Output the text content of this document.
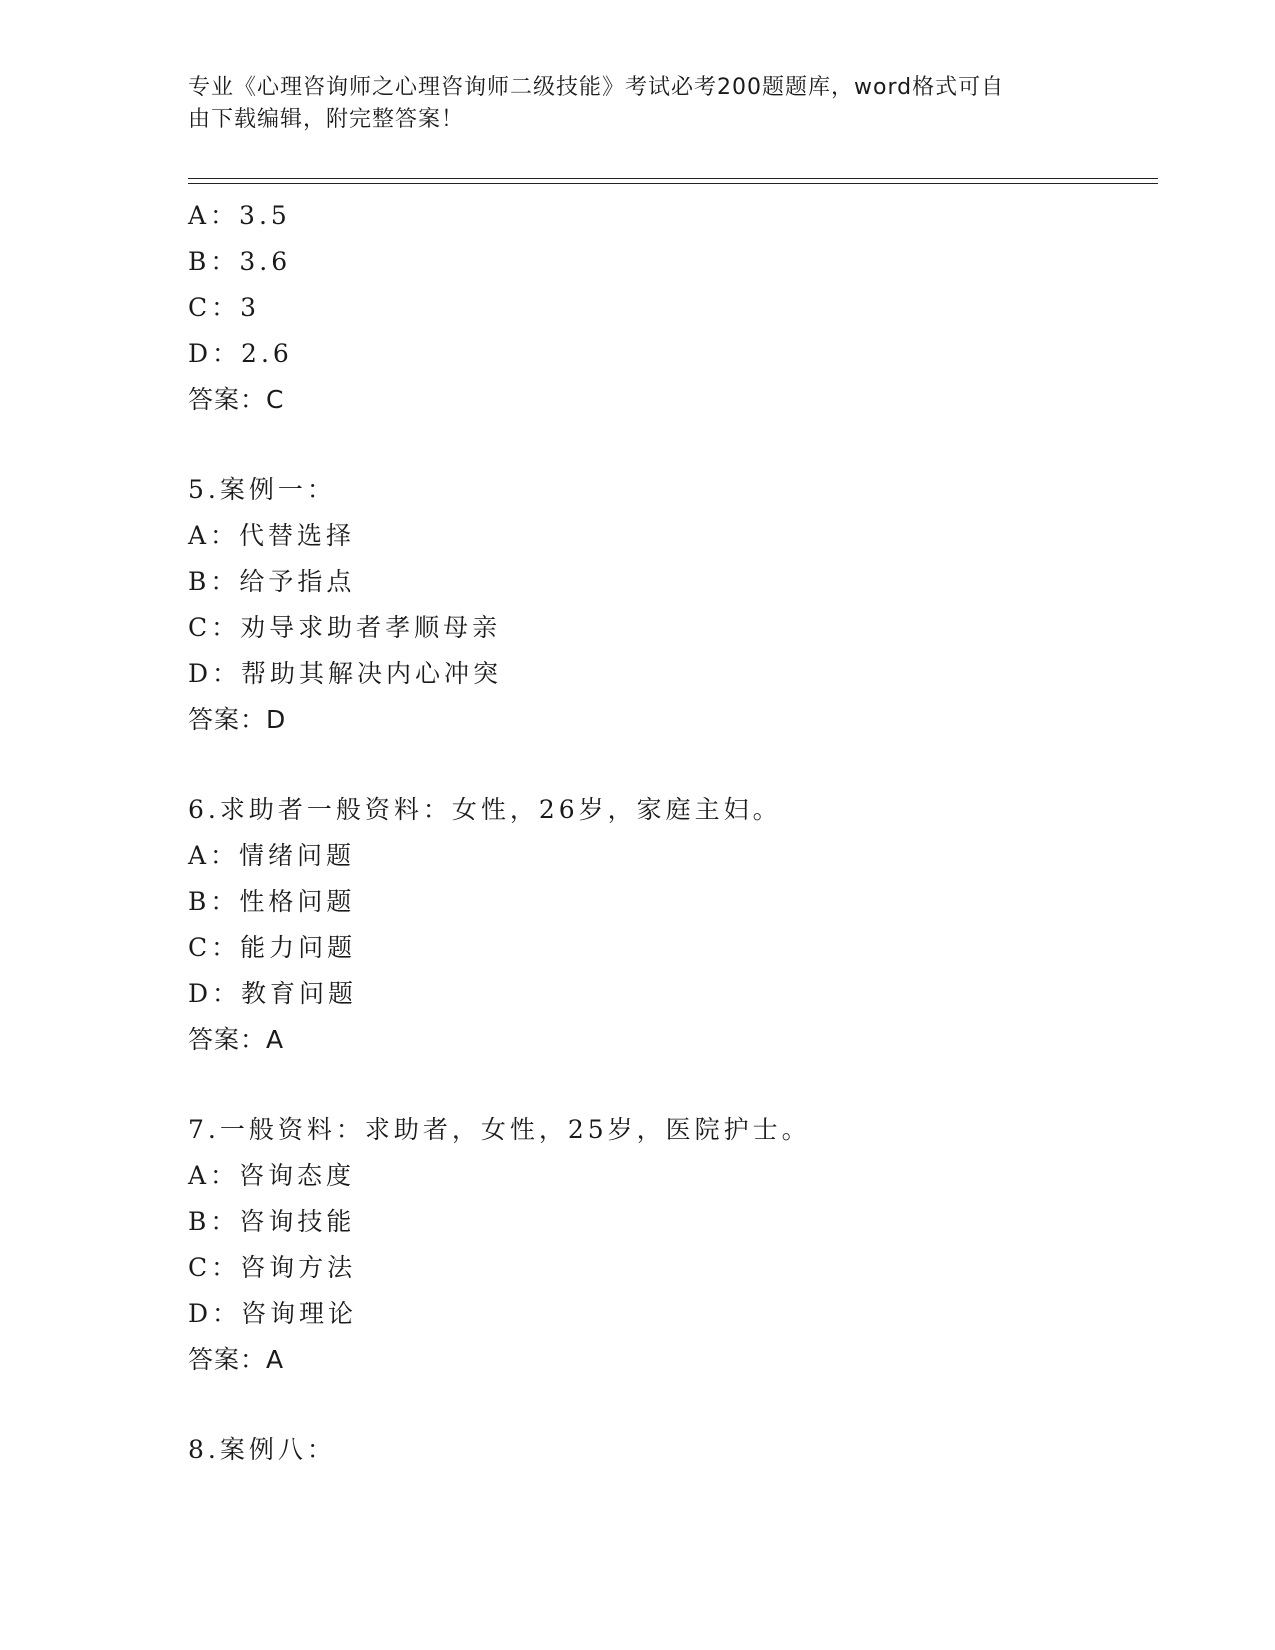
专业《心理咨询师之心理咨询师二级技能》考试必考200题题库，word格式可自
由下载编辑，附完整答案！
A：3.5
B：3.6
C：3
D：2.6
答案：C
5.案例一：
A：代替选择
B：给予指点
C：劝导求助者孝顺母亲
D：帮助其解决内心冲突
答案：D
6.求助者一般资料：女性，26岁，家庭主妇。
A：情绪问题
B：性格问题
C：能力问题
D：教育问题
答案：A
7.一般资料：求助者，女性，25岁，医院护士。
A：咨询态度
B：咨询技能
C：咨询方法
D：咨询理论
答案：A
8.案例八：
